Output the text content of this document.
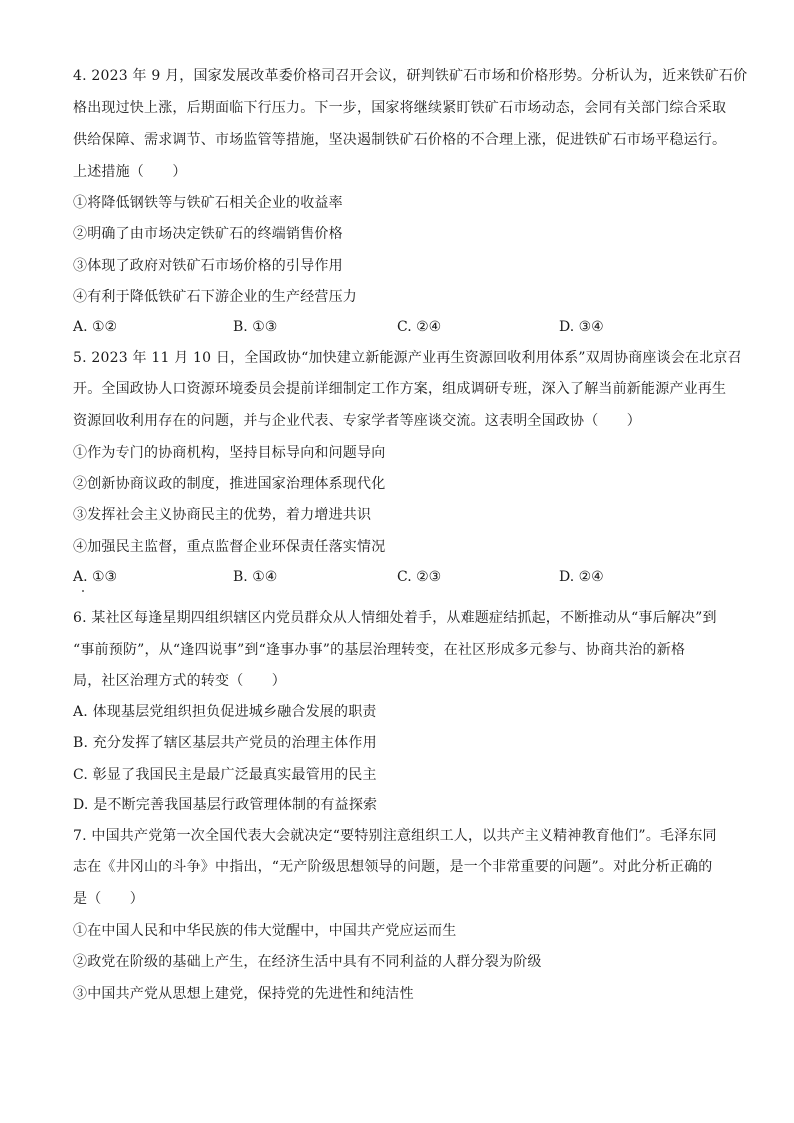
4. 2023 年 9 月，国家发展改革委价格司召开会议，研判铁矿石市场和价格形势。分析认为，近来铁矿石价
格出现过快上涨，后期面临下行压力。下一步，国家将继续紧盯铁矿石市场动态，会同有关部门综合采取
供给保障、需求调节、市场监管等措施，坚决遏制铁矿石价格的不合理上涨，促进铁矿石市场平稳运行。
上述措施（　　）
①将降低钢铁等与铁矿石相关企业的收益率
②明确了由市场决定铁矿石的终端销售价格
③体现了政府对铁矿石市场价格的引导作用
④有利于降低铁矿石下游企业的生产经营压力
A. ①②	B. ①③	C. ②④	D. ③④
5. 2023 年 11 月 10 日，全国政协“加快建立新能源产业再生资源回收利用体系”双周协商座谈会在北京召
开。全国政协人口资源环境委员会提前详细制定工作方案，组成调研专班，深入了解当前新能源产业再生
资源回收利用存在的问题，并与企业代表、专家学者等座谈交流。这表明全国政协（　　）
①作为专门的协商机构，坚持目标导向和问题导向
②创新协商议政的制度，推进国家治理体系现代化
③发挥社会主义协商民主的优势，着力增进共识
④加强民主监督，重点监督企业环保责任落实情况
A. ①③	B. ①④	C. ②③	D. ②④
6. 某社区每逢星期四组织辖区内党员群众从人情细处着手，从难题症结抓起，不断推动从“事后解决”到
“事前预防”，从“逢四说事”到“逢事办事”的基层治理转变，在社区形成多元参与、协商共治的新格
局，社区治理方式的转变（　　）
A. 体现基层党组织担负促进城乡融合发展的职责
B. 充分发挥了辖区基层共产党员的治理主体作用
C. 彰显了我国民主是最广泛最真实最管用的民主
D. 是不断完善我国基层行政管理体制的有益探索
7. 中国共产党第一次全国代表大会就决定“要特别注意组织工人，以共产主义精神教育他们”。毛泽东同
志在《井冈山的斗争》中指出，“无产阶级思想领导的问题，是一个非常重要的问题”。对此分析正确的
是（　　）
①在中国人民和中华民族的伟大觉醒中，中国共产党应运而生
②政党在阶级的基础上产生，在经济生活中具有不同利益的人群分裂为阶级
③中国共产党从思想上建党，保持党的先进性和纯洁性
